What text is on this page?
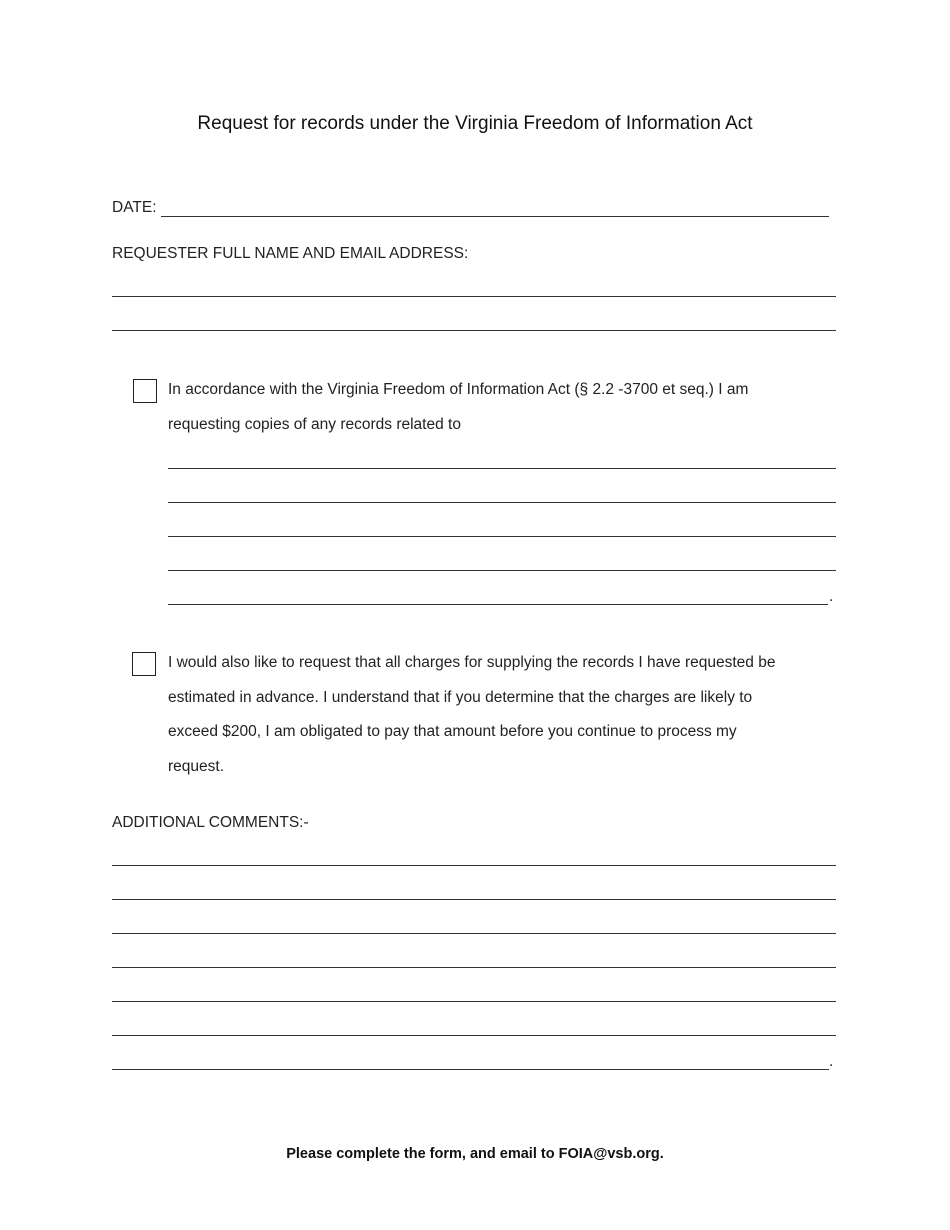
Request for records under the Virginia Freedom of Information Act
DATE:
REQUESTER FULL NAME AND EMAIL ADDRESS:
In accordance with the Virginia Freedom of Information Act (§ 2.2 -3700 et seq.) I am
requesting copies of any records related to
.
I would also like to request that all charges for supplying the records I have requested be
estimated in advance. I understand that if you determine that the charges are likely to
exceed $200, I am obligated to pay that amount before you continue to process my
request.
ADDITIONAL COMMENTS:-
.
Please complete the form, and email to FOIA@vsb.org.
